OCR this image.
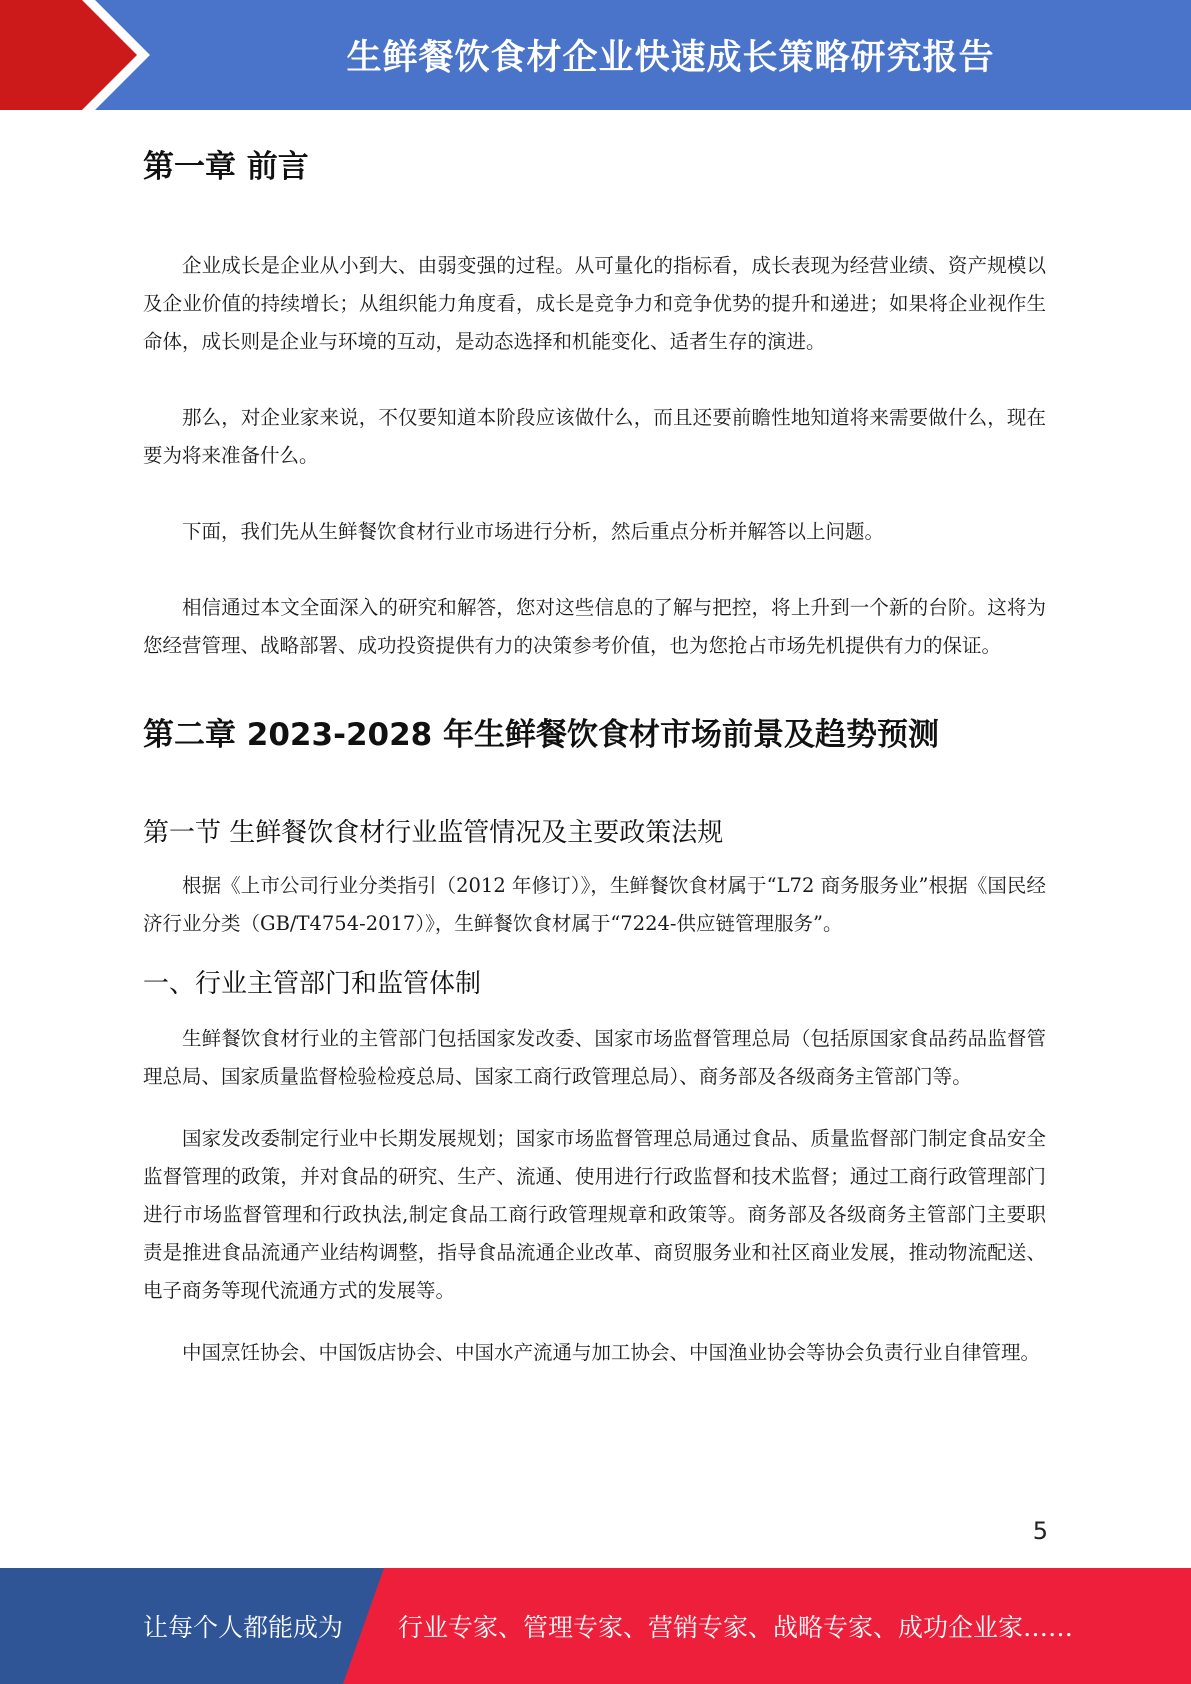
生鲜餐饮食材企业快速成长策略研究报告
第一章 前言

企业成长是企业从小到大、由弱变强的过程。从可量化的指标看，成长表现为经营业绩、资产规模以及企业价值的持续增长；从组织能力角度看，成长是竞争力和竞争优势的提升和递进；如果将企业视作生命体，成长则是企业与环境的互动，是动态选择和机能变化、适者生存的演进。

那么，对企业家来说，不仅要知道本阶段应该做什么，而且还要前瞻性地知道将来需要做什么，现在要为将来准备什么。

下面，我们先从生鲜餐饮食材行业市场进行分析，然后重点分析并解答以上问题。

相信通过本文全面深入的研究和解答，您对这些信息的了解与把控，将上升到一个新的台阶。这将为您经营管理、战略部署、成功投资提供有力的决策参考价值，也为您抢占市场先机提供有力的保证。

第二章 2023-2028 年生鲜餐饮食材市场前景及趋势预测
第一节 生鲜餐饮食材行业监管情况及主要政策法规

根据《上市公司行业分类指引（2012 年修订）》，生鲜餐饮食材属于“L72 商务服务业”根据《国民经济行业分类（GB/T4754-2017）》，生鲜餐饮食材属于“7224-供应链管理服务”。

一、行业主管部门和监管体制

生鲜餐饮食材行业的主管部门包括国家发改委、国家市场监督管理总局（包括原国家食品药品监督管理总局、国家质量监督检验检疫总局、国家工商行政管理总局）、商务部及各级商务主管部门等。

国家发改委制定行业中长期发展规划；国家市场监督管理总局通过食品、质量监督部门制定食品安全监督管理的政策，并对食品的研究、生产、流通、使用进行行政监督和技术监督；通过工商行政管理部门进行市场监督管理和行政执法,制定食品工商行政管理规章和政策等。商务部及各级商务主管部门主要职责是推进食品流通产业结构调整，指导食品流通企业改革、商贸服务业和社区商业发展，推动物流配送、电子商务等现代流通方式的发展等。

中国烹饪协会、中国饭店协会、中国水产流通与加工协会、中国渔业协会等协会负责行业自律管理。

5
让每个人都能成为 行业专家、管理专家、营销专家、战略专家、成功企业家……
